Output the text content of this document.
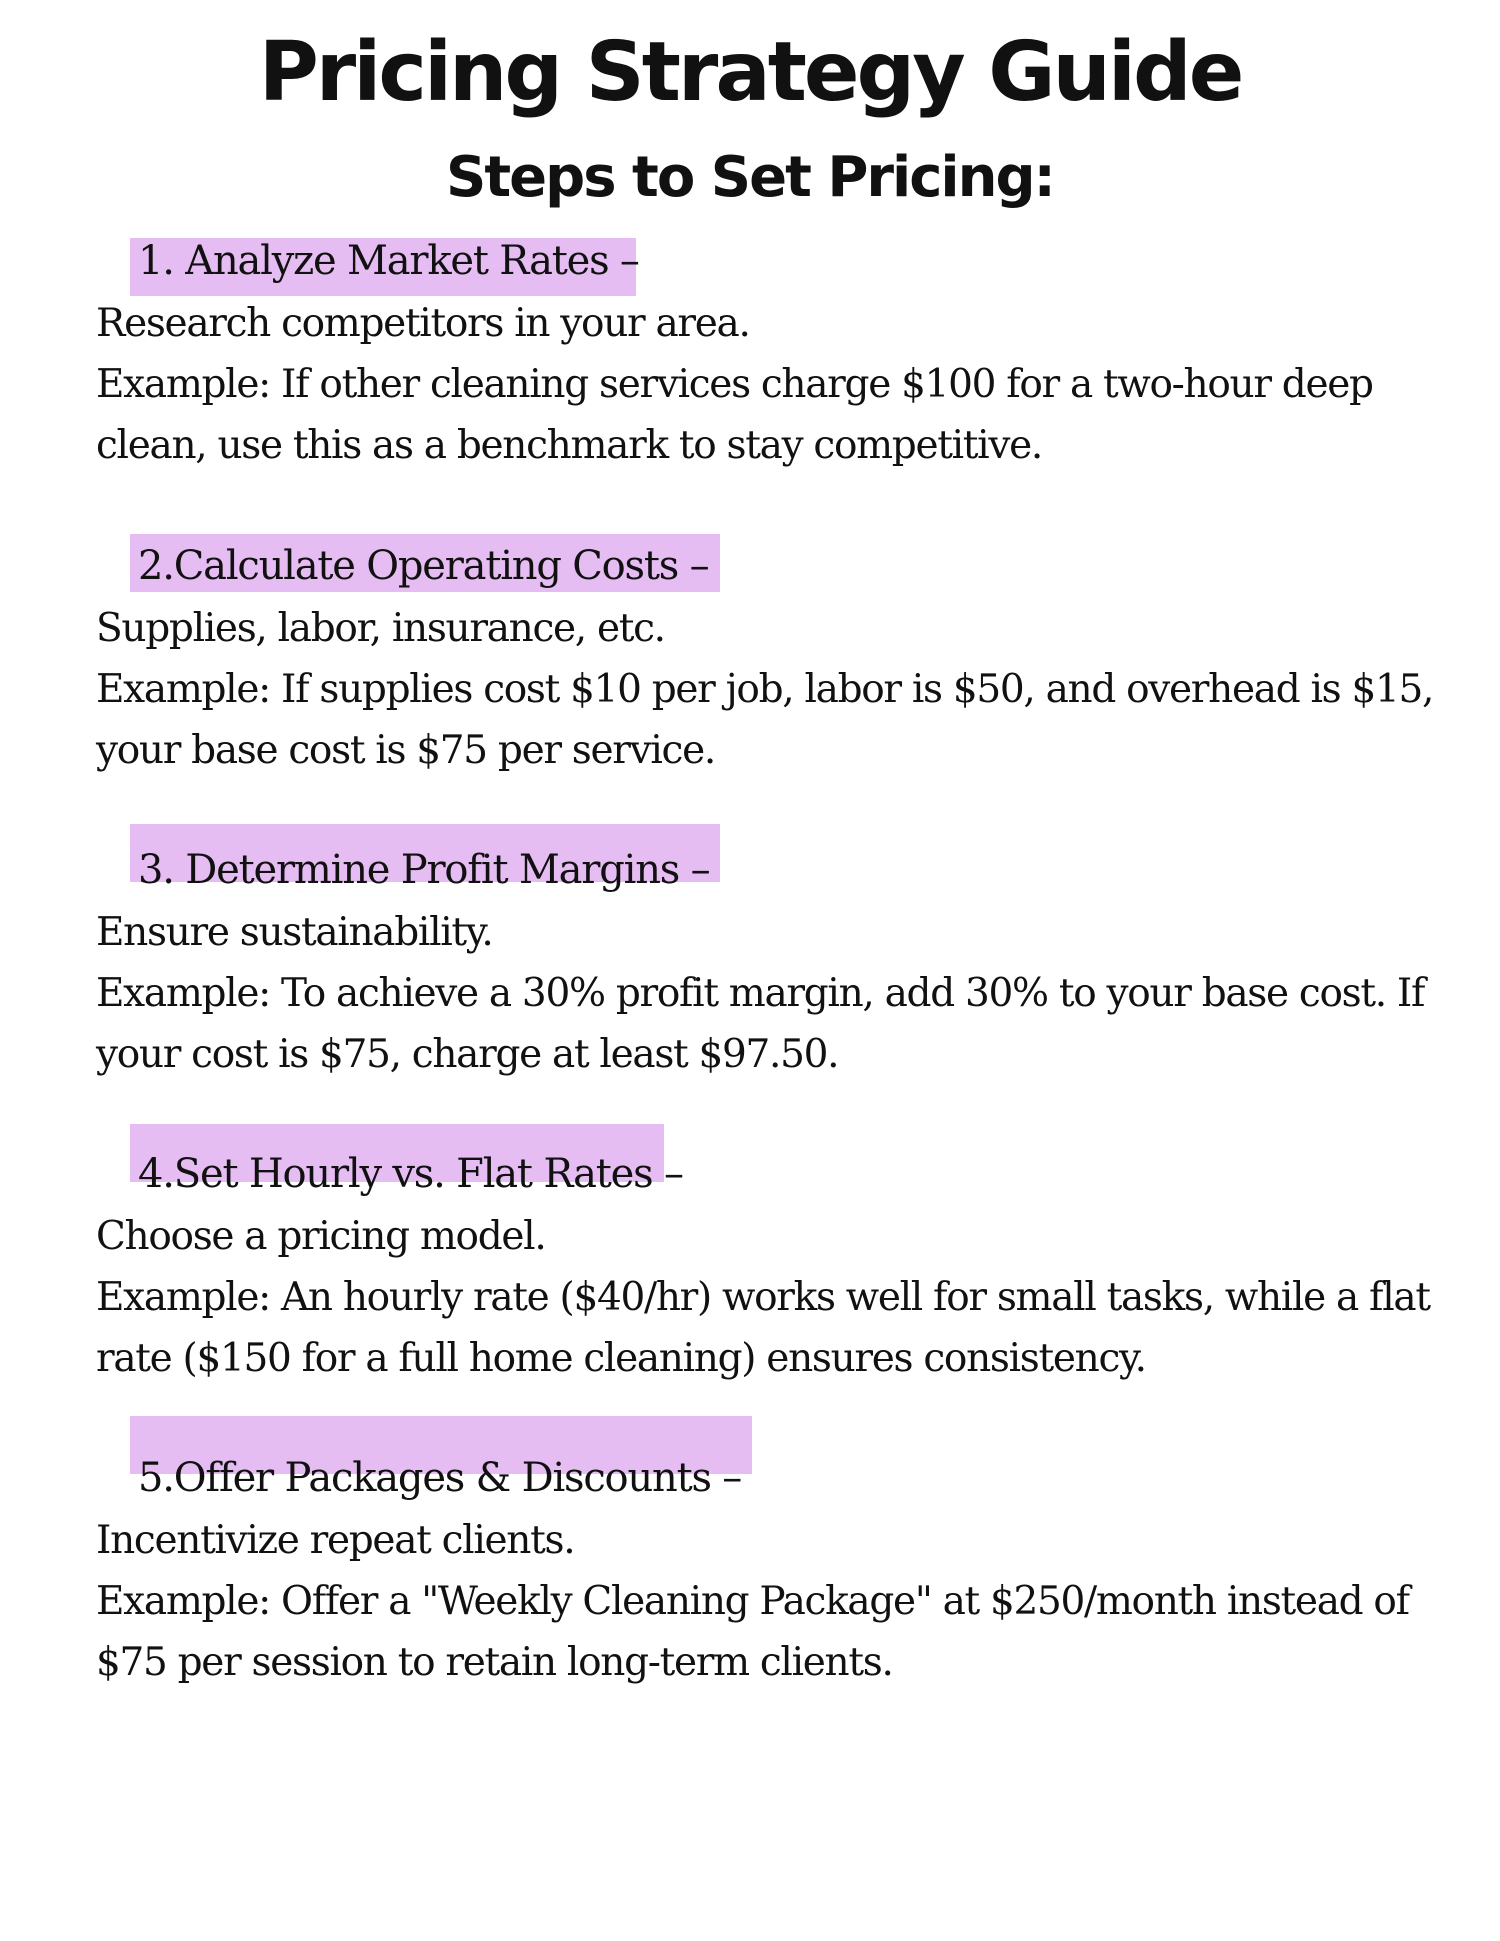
Pricing Strategy Guide
Steps to Set Pricing:
1. Analyze Market Rates –

Research competitors in your area.

Example: If other cleaning services charge $100 for a two-hour deep clean, use this as a benchmark to stay competitive.

2.Calculate Operating Costs –

Supplies, labor, insurance, etc.

Example: If supplies cost $10 per job, labor is $50, and overhead is $15, your base cost is $75 per service.

3. Determine Profit Margins –

Ensure sustainability.

Example: To achieve a 30% profit margin, add 30% to your base cost. If your cost is $75, charge at least $97.50.

4.Set Hourly vs. Flat Rates –

Choose a pricing model.

Example: An hourly rate ($40/hr) works well for small tasks, while a flat rate ($150 for a full home cleaning) ensures consistency.

5.Offer Packages & Discounts –

Incentivize repeat clients.

Example: Offer a "Weekly Cleaning Package" at $250/month instead of $75 per session to retain long-term clients.
